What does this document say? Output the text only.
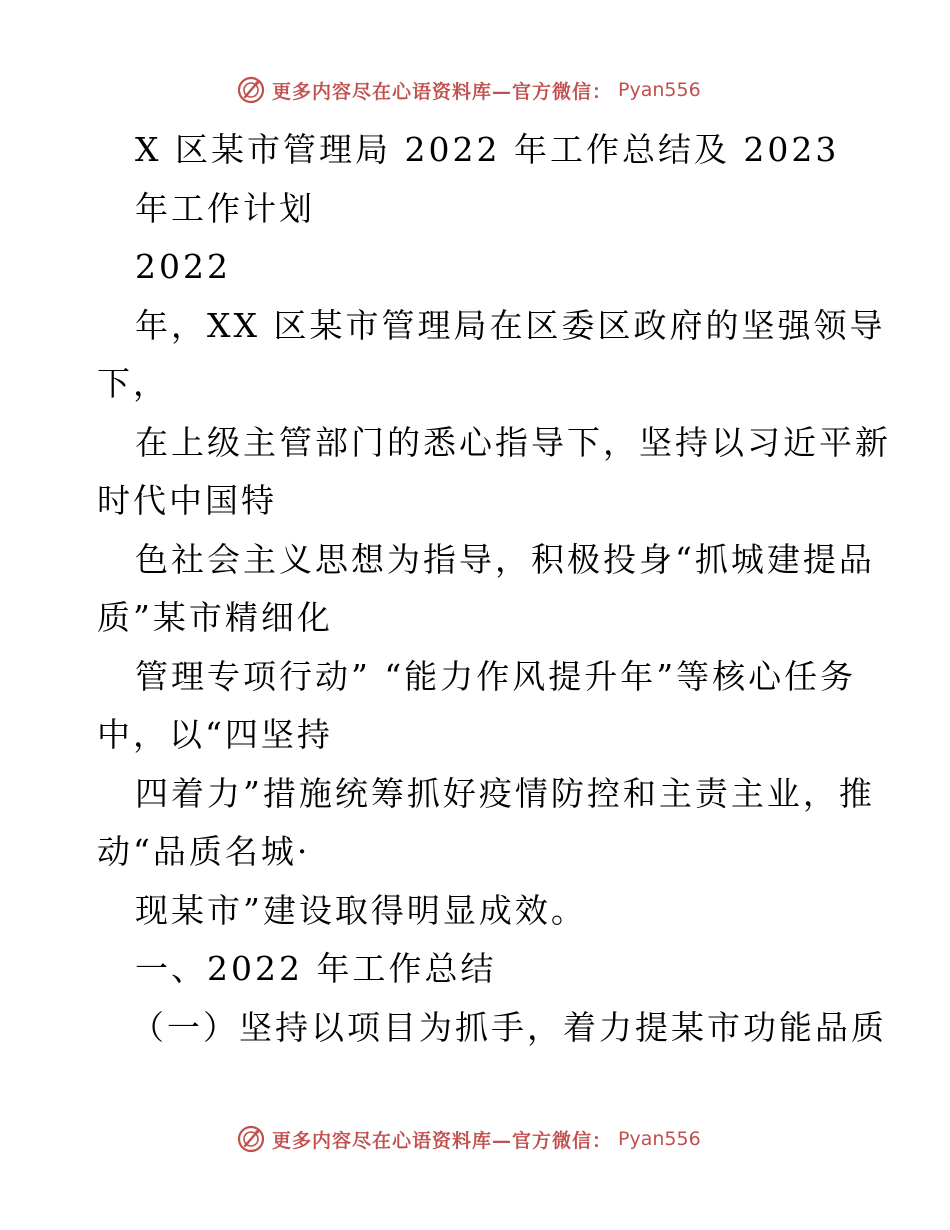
更多内容尽在心语资料库—官方微信： Pyan556
X 区某市管理局 2022 年工作总结及 2023
年工作计划
2022
年，XX 区某市管理局在区委区政府的坚强领导
下，
在上级主管部门的悉心指导下，坚持以习近平新
时代中国特
色社会主义思想为指导，积极投身“抓城建提品
质”某市精细化
管理专项行动” “能力作风提升年”等核心任务
中，以“四坚持
四着力”措施统筹抓好疫情防控和主责主业，推
动“品质名城·
现某市”建设取得明显成效。
一、2022 年工作总结
（一）坚持以项目为抓手，着力提某市功能品质
更多内容尽在心语资料库—官方微信： Pyan556
